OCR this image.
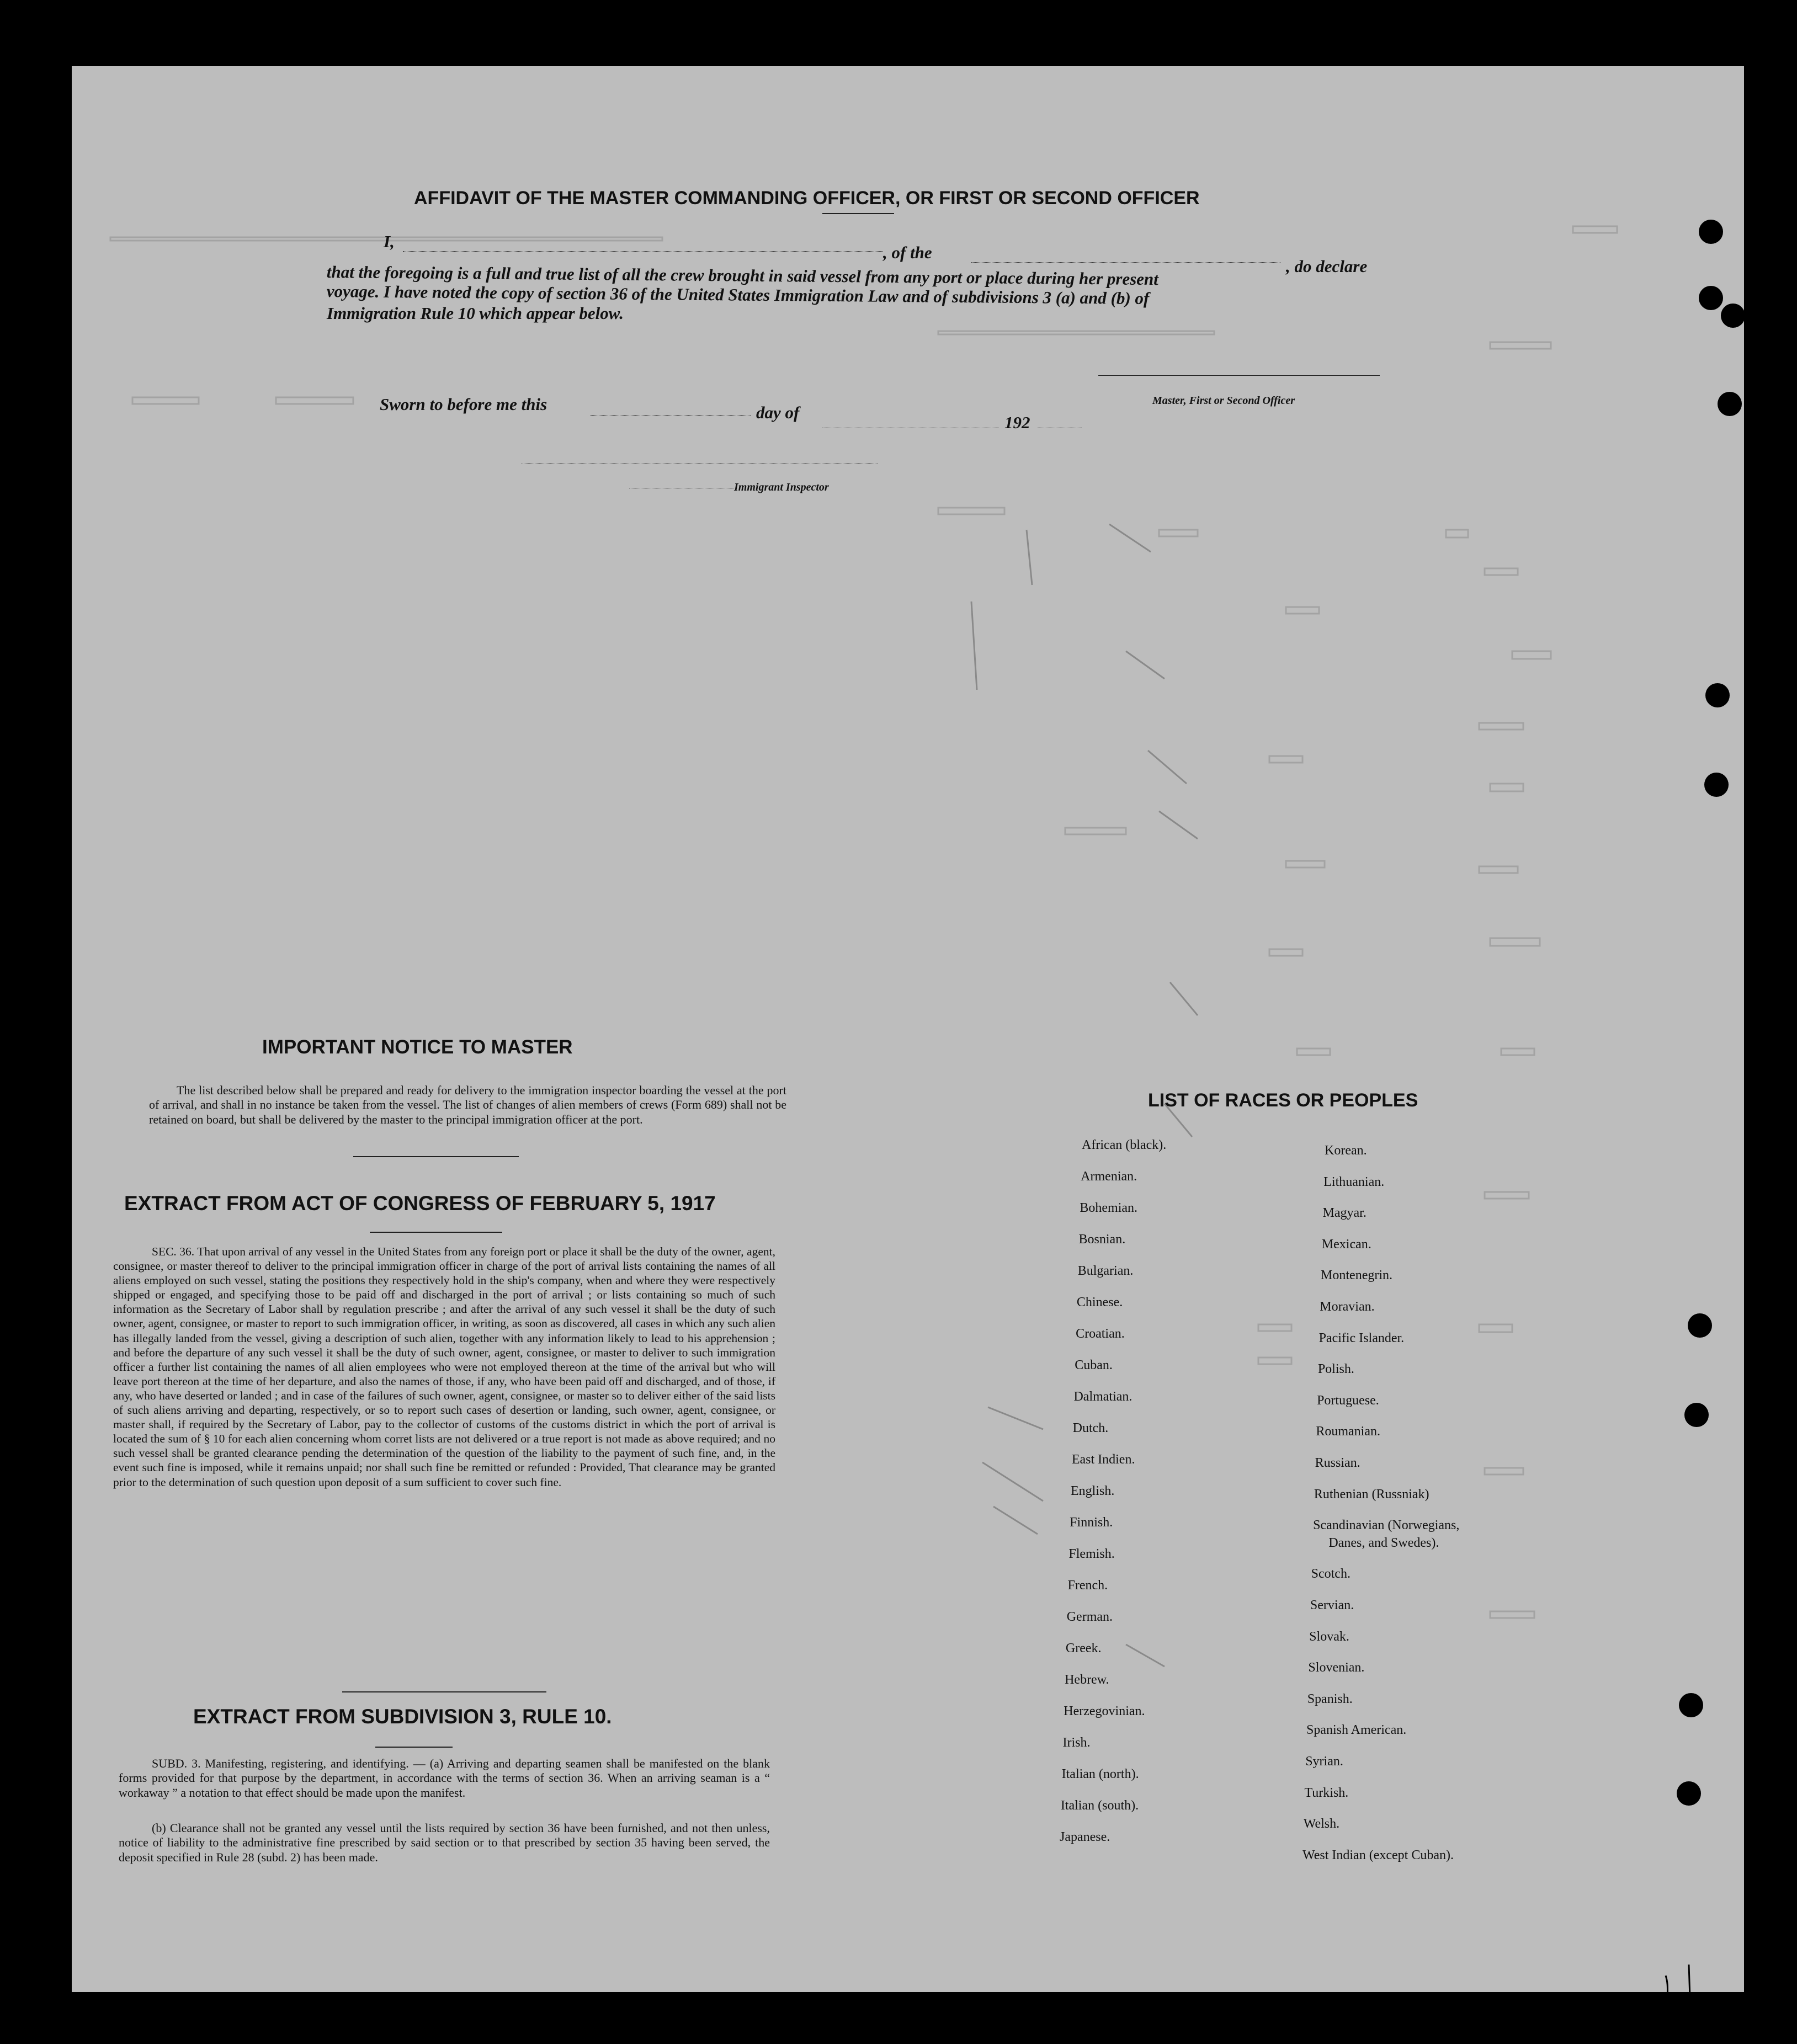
AFFIDAVIT OF THE MASTER COMMANDING OFFICER, OR FIRST OR SECOND OFFICER
I,
, of the
, do declare
that the foregoing is a full and true list of all the crew brought in said vessel from any port or place during her present
voyage. I have noted the copy of section 36 of the United States Immigration Law and of subdivisions 3 (a) and (b) of
Immigration Rule 10 which appear below.
Master, First or Second Officer
Sworn to before me this	day of
192
Immigrant Inspector
IMPORTANT NOTICE TO MASTER
The list described below shall be prepared and ready for delivery to the immigration inspector boarding the vessel at the port of arrival, and shall in no instance be taken from the vessel. The list of changes of alien members of crews (Form 689) shall not be retained on board, but shall be delivered by the master to the principal immigration officer at the port.
EXTRACT FROM ACT OF CONGRESS OF FEBRUARY 5, 1917
SEC. 36. That upon arrival of any vessel in the United States from any foreign port or place it shall be the duty of the owner, agent, consignee, or master thereof to deliver to the principal immigration officer in charge of the port of arrival lists containing the names of all aliens employed on such vessel, stating the positions they respectively hold in the ship's company, when and where they were respectively shipped or engaged, and specifying those to be paid off and discharged in the port of arrival ; or lists containing so much of such information as the Secretary of Labor shall by regulation prescribe ; and after the arrival of any such vessel it shall be the duty of such owner, agent, consignee, or master to report to such immigration officer, in writing, as soon as discovered, all cases in which any such alien has illegally landed from the vessel, giving a description of such alien, together with any information likely to lead to his apprehension ; and before the departure of any such vessel it shall be the duty of such owner, agent, consignee, or master to deliver to such immigration officer a further list containing the names of all alien employees who were not employed thereon at the time of the arrival but who will leave port thereon at the time of her departure, and also the names of those, if any, who have been paid off and discharged, and of those, if any, who have deserted or landed ; and in case of the failures of such owner, agent, consignee, or master so to deliver either of the said lists of such aliens arriving and departing, respectively, or so to report such cases of desertion or landing, such owner, agent, consignee, or master shall, if required by the Secretary of Labor, pay to the collector of customs of the customs district in which the port of arrival is located the sum of § 10 for each alien concerning whom corret lists are not delivered or a true report is not made as above required; and no such vessel shall be granted clearance pending the determination of the question of the liability to the payment of such fine, and, in the event such fine is imposed, while it remains unpaid; nor shall such fine be remitted or refunded : Provided, That clearance may be granted prior to the determination of such question upon deposit of a sum sufficient to cover such fine.
EXTRACT FROM SUBDIVISION 3, RULE 10.
SUBD. 3. Manifesting, registering, and identifying. — (a) Arriving and departing seamen shall be manifested on the blank forms provided for that purpose by the department, in accordance with the terms of section 36. When an arriving seaman is a “ workaway ” a notation to that effect should be made upon the manifest.
(b) Clearance shall not be granted any vessel until the lists required by section 36 have been furnished, and not then unless, notice of liability to the administrative fine prescribed by said section or to that prescribed by section 35 having been served, the deposit specified in Rule 28 (subd. 2) has been made.
LIST OF RACES OR PEOPLES
African (black).
Armenian.
Bohemian.
Bosnian.
Bulgarian.
Chinese.
Croatian.
Cuban.
Dalmatian.
Dutch.
East Indien.
English.
Finnish.
Flemish.
French.
German.
Greek.
Hebrew.
Herzegovinian.
Irish.
Italian (north).
Italian (south).
Japanese.
Korean.
Lithuanian.
Magyar.
Mexican.
Montenegrin.
Moravian.
Pacific Islander.
Polish.
Portuguese.
Roumanian.
Russian.
Ruthenian (Russniak)
Scandinavian (Norwegians,
Danes, and Swedes).
Scotch.
Servian.
Slovak.
Slovenian.
Spanish.
Spanish American.
Syrian.
Turkish.
Welsh.
West Indian (except Cuban).
